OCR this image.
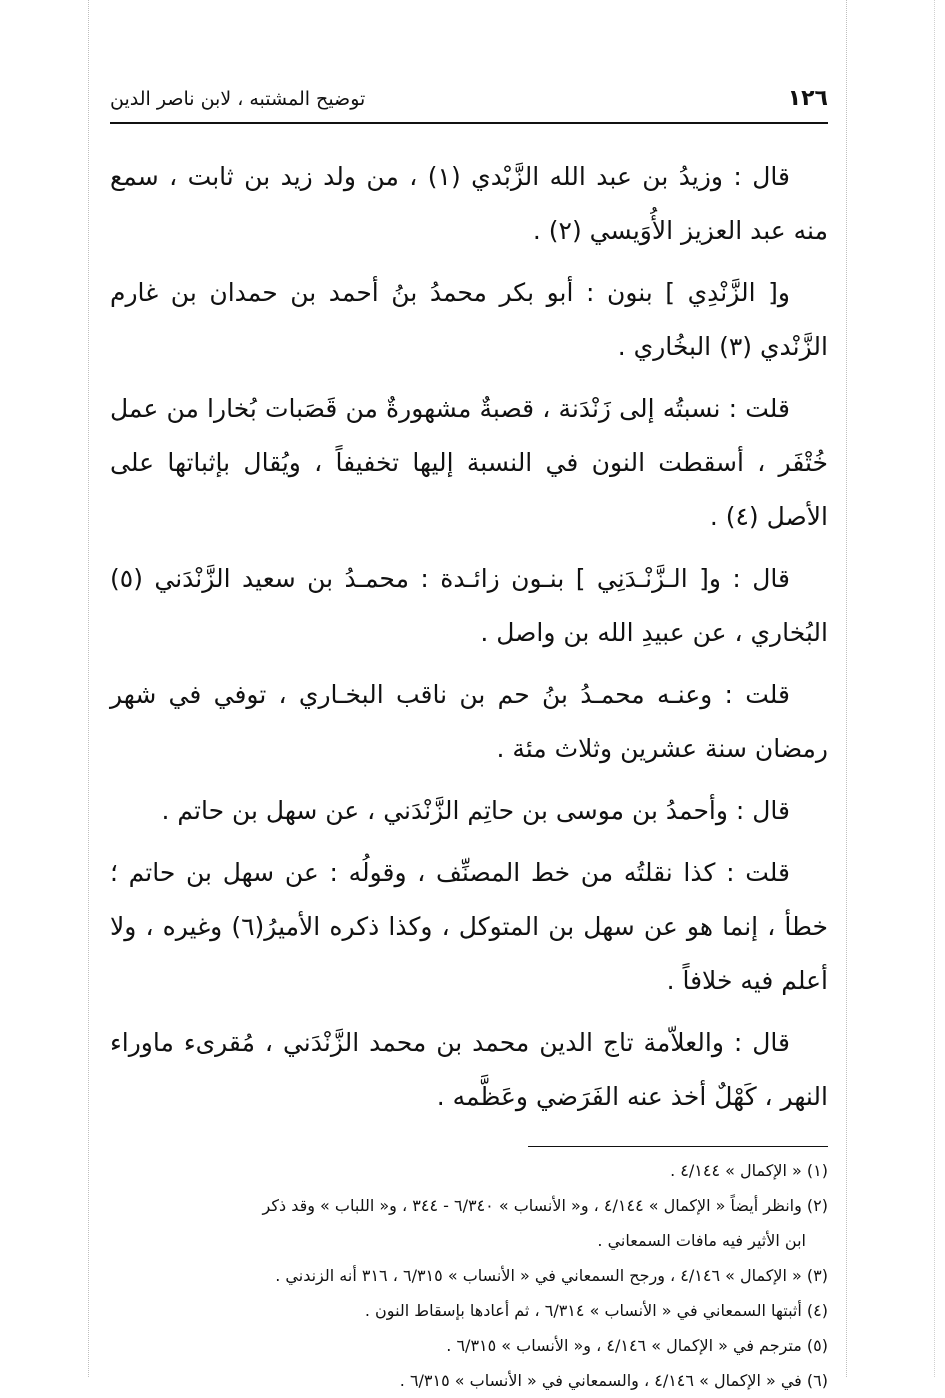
١٢٦
توضيح المشتبه ، لابن ناصر الدين

قال : وزيدُ بن عبد الله الزَّبْدي (١) ، من ولد زيد بن ثابت ، سمع منه عبد العزيز الأُوَيسي (٢) .

و[ الزَّنْدِي ] بنون : أبو بكر محمدُ بنُ أحمد بن حمدان بن غارم الزَّنْدي (٣) البخُاري .

قلت : نسبتُه إلى زَنْدَنة ، قصبةٌ مشهورةٌ من قَصَبات بُخارا من عمل خُتْفَر ، أسقطت النون في النسبة إليها تخفيفاً ، ويُقال بإثباتها على الأصل (٤) .

قال : و[ الـزَّنْـدَنِي ] بنـون زائـدة : محمـدُ بن سعيد الزَّنْدَني (٥) البُخاري ، عن عبيدِ الله بن واصل .

قلت : وعنـه محمـدُ بنُ حم بن ناقب البخـاري ، توفي في شهر رمضان سنة عشرين وثلاث مئة .

قال : وأحمدُ بن موسى بن حاتِم الزَّنْدَني ، عن سهل بن حاتم .

قلت : كذا نقلتُه من خط المصنِّف ، وقولُه : عن سهل بن حاتم ؛ خطأ ، إنما هو عن سهل بن المتوكل ، وكذا ذكره الأميرُ(٦) وغيره ، ولا أعلم فيه خلافاً .

قال : والعلاّمة تاج الدين محمد بن محمد الزَّنْدَني ، مُقرىء ماوراء النهر ، كَهْلٌ أخذ عنه الفَرَضي وعَظَّمه .

(١) « الإكمال » ٤/١٤٤ .

(٢) وانظر أيضاً « الإكمال » ٤/١٤٤ ، و« الأنساب » ٦/٣٤٠ - ٣٤٤ ، و« اللباب » وقد ذكر

ابن الأثير فيه مافات السمعاني .

(٣) « الإكمال » ٤/١٤٦ ، ورجح السمعاني في « الأنساب » ٦/٣١٥ ، ٣١٦ أنه الزندني .

(٤) أثبتها السمعاني في « الأنساب » ٦/٣١٤ ، ثم أعادها بإسقاط النون .

(٥) مترجم في « الإكمال » ٤/١٤٦ ، و« الأنساب » ٦/٣١٥ .

(٦) في « الإكمال » ٤/١٤٦ ، والسمعاني في « الأنساب » ٦/٣١٥ .
